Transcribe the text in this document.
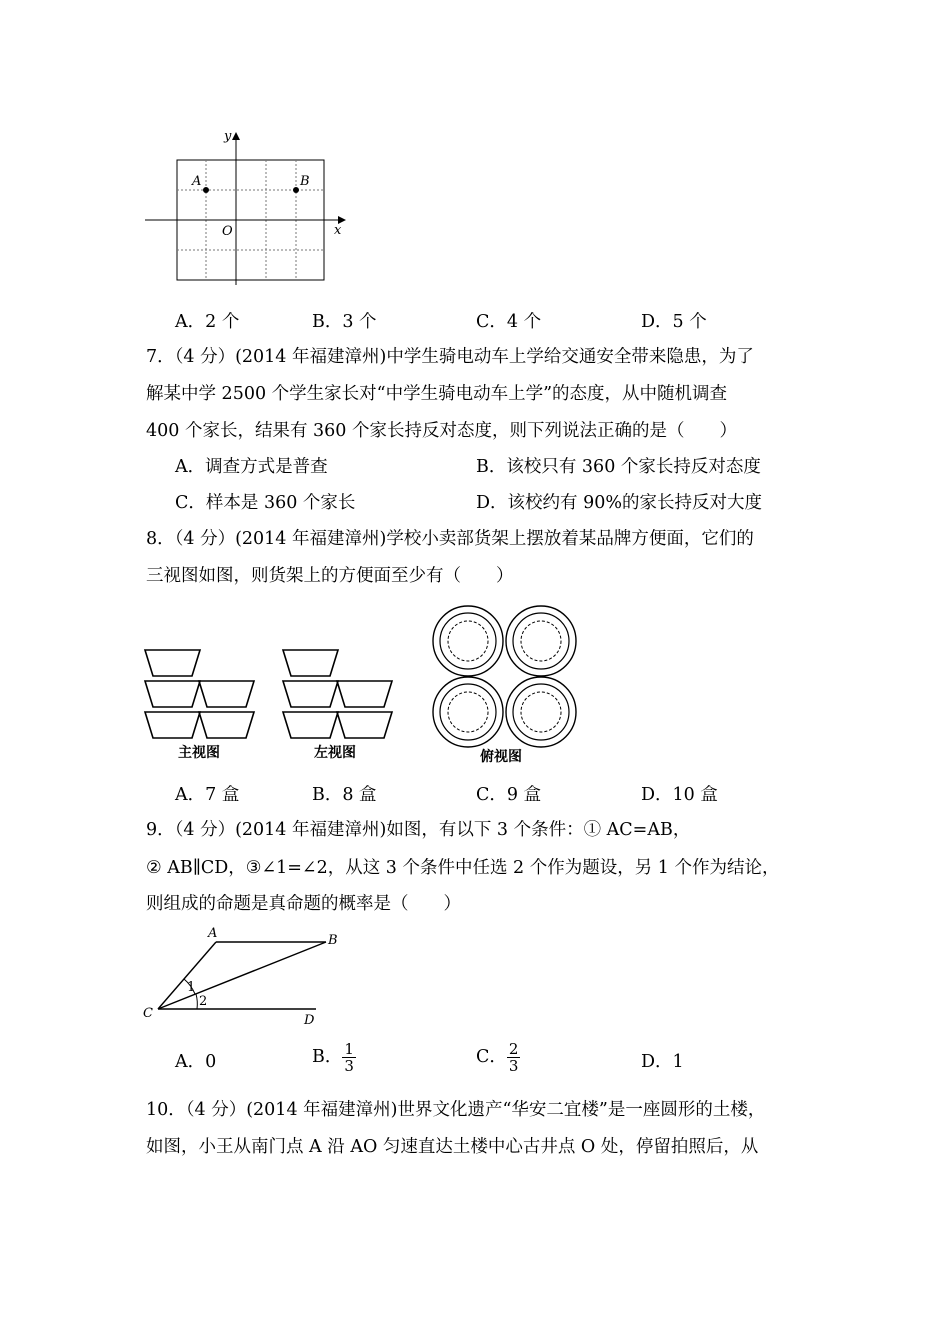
y
x
O
A	B
A．2 个	B．3 个	C．4 个	D．5 个
7．（4 分）(2014 年福建漳州)中学生骑电动车上学给交通安全带来隐患，为了
解某中学 2500 个学生家长对“中学生骑电动车上学”的态度，从中随机调查
400 个家长，结果有 360 个家长持反对态度，则下列说法正确的是（　　）
A．调查方式是普查	B．该校只有 360 个家长持反对态度
C．样本是 360 个家长	D．该校约有 90%的家长持反对大度
8．（4 分）(2014 年福建漳州)学校小卖部货架上摆放着某品牌方便面，它们的
三视图如图，则货架上的方便面至少有（　　）
主视图	左视图	俯视图
A．7 盒	B．8 盒	C．9 盒	D．10 盒
9．（4 分）(2014 年福建漳州)如图，有以下 3 个条件：① AC=AB，
② AB∥CD，③∠1=∠2，从这 3 个条件中任选 2 个作为题设，另 1 个作为结论，
则组成的命题是真命题的概率是（　　）
A	B
C	D
1
2
A．0	B． $\frac{1}{3}$	C． $\frac{2}{3}$	D．1
10．（4 分）(2014 年福建漳州)世界文化遗产“华安二宜楼”是一座圆形的土楼，
如图，小王从南门点 A 沿 AO 匀速直达土楼中心古井点 O 处，停留拍照后，从
